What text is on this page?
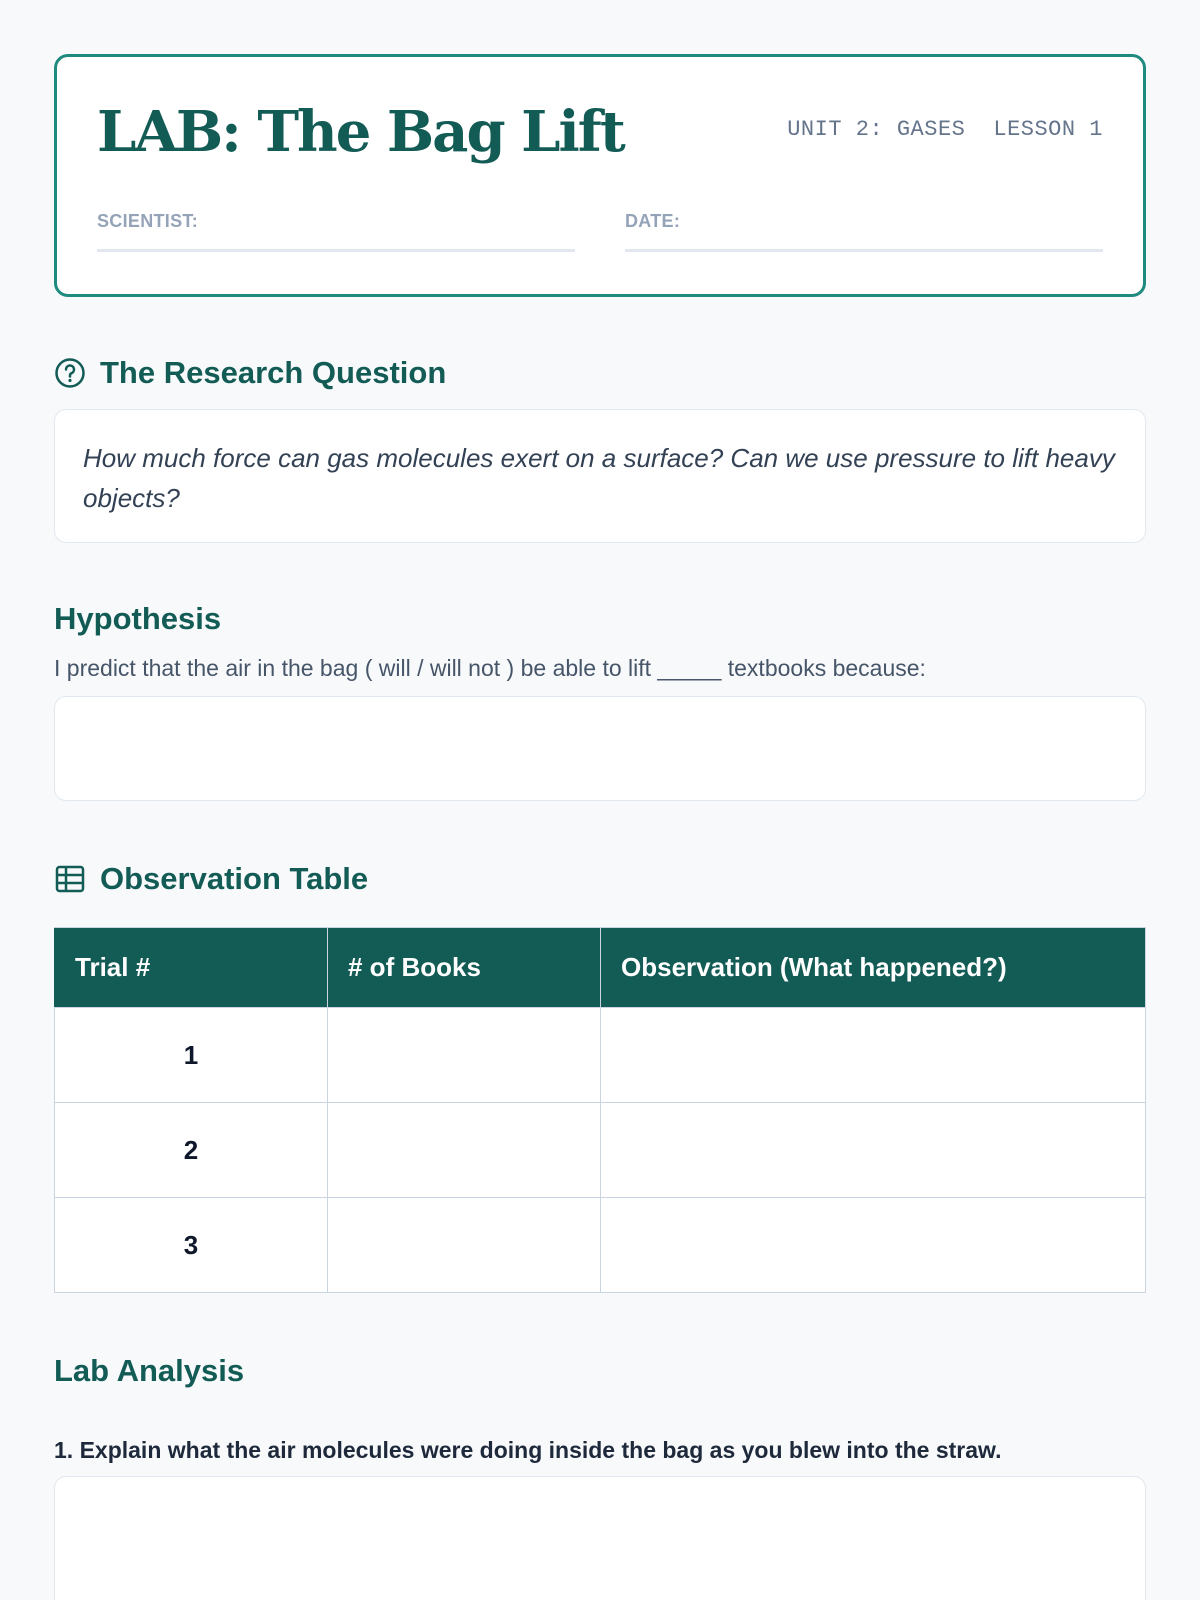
LAB: The Bag Lift	UNIT 2: GASES LESSON 1
SCIENTIST:	DATE:
The Research Question
How much force can gas molecules exert on a surface? Can we use pressure to lift heavy objects?
Hypothesis

I predict that the air in the bag ( will / will not ) be able to lift _____ textbooks because:

Observation Table
Trial #	# of Books	Observation (What happened?)
1		
2		
3		
Lab Analysis

1. Explain what the air molecules were doing inside the bag as you blew into the straw.
